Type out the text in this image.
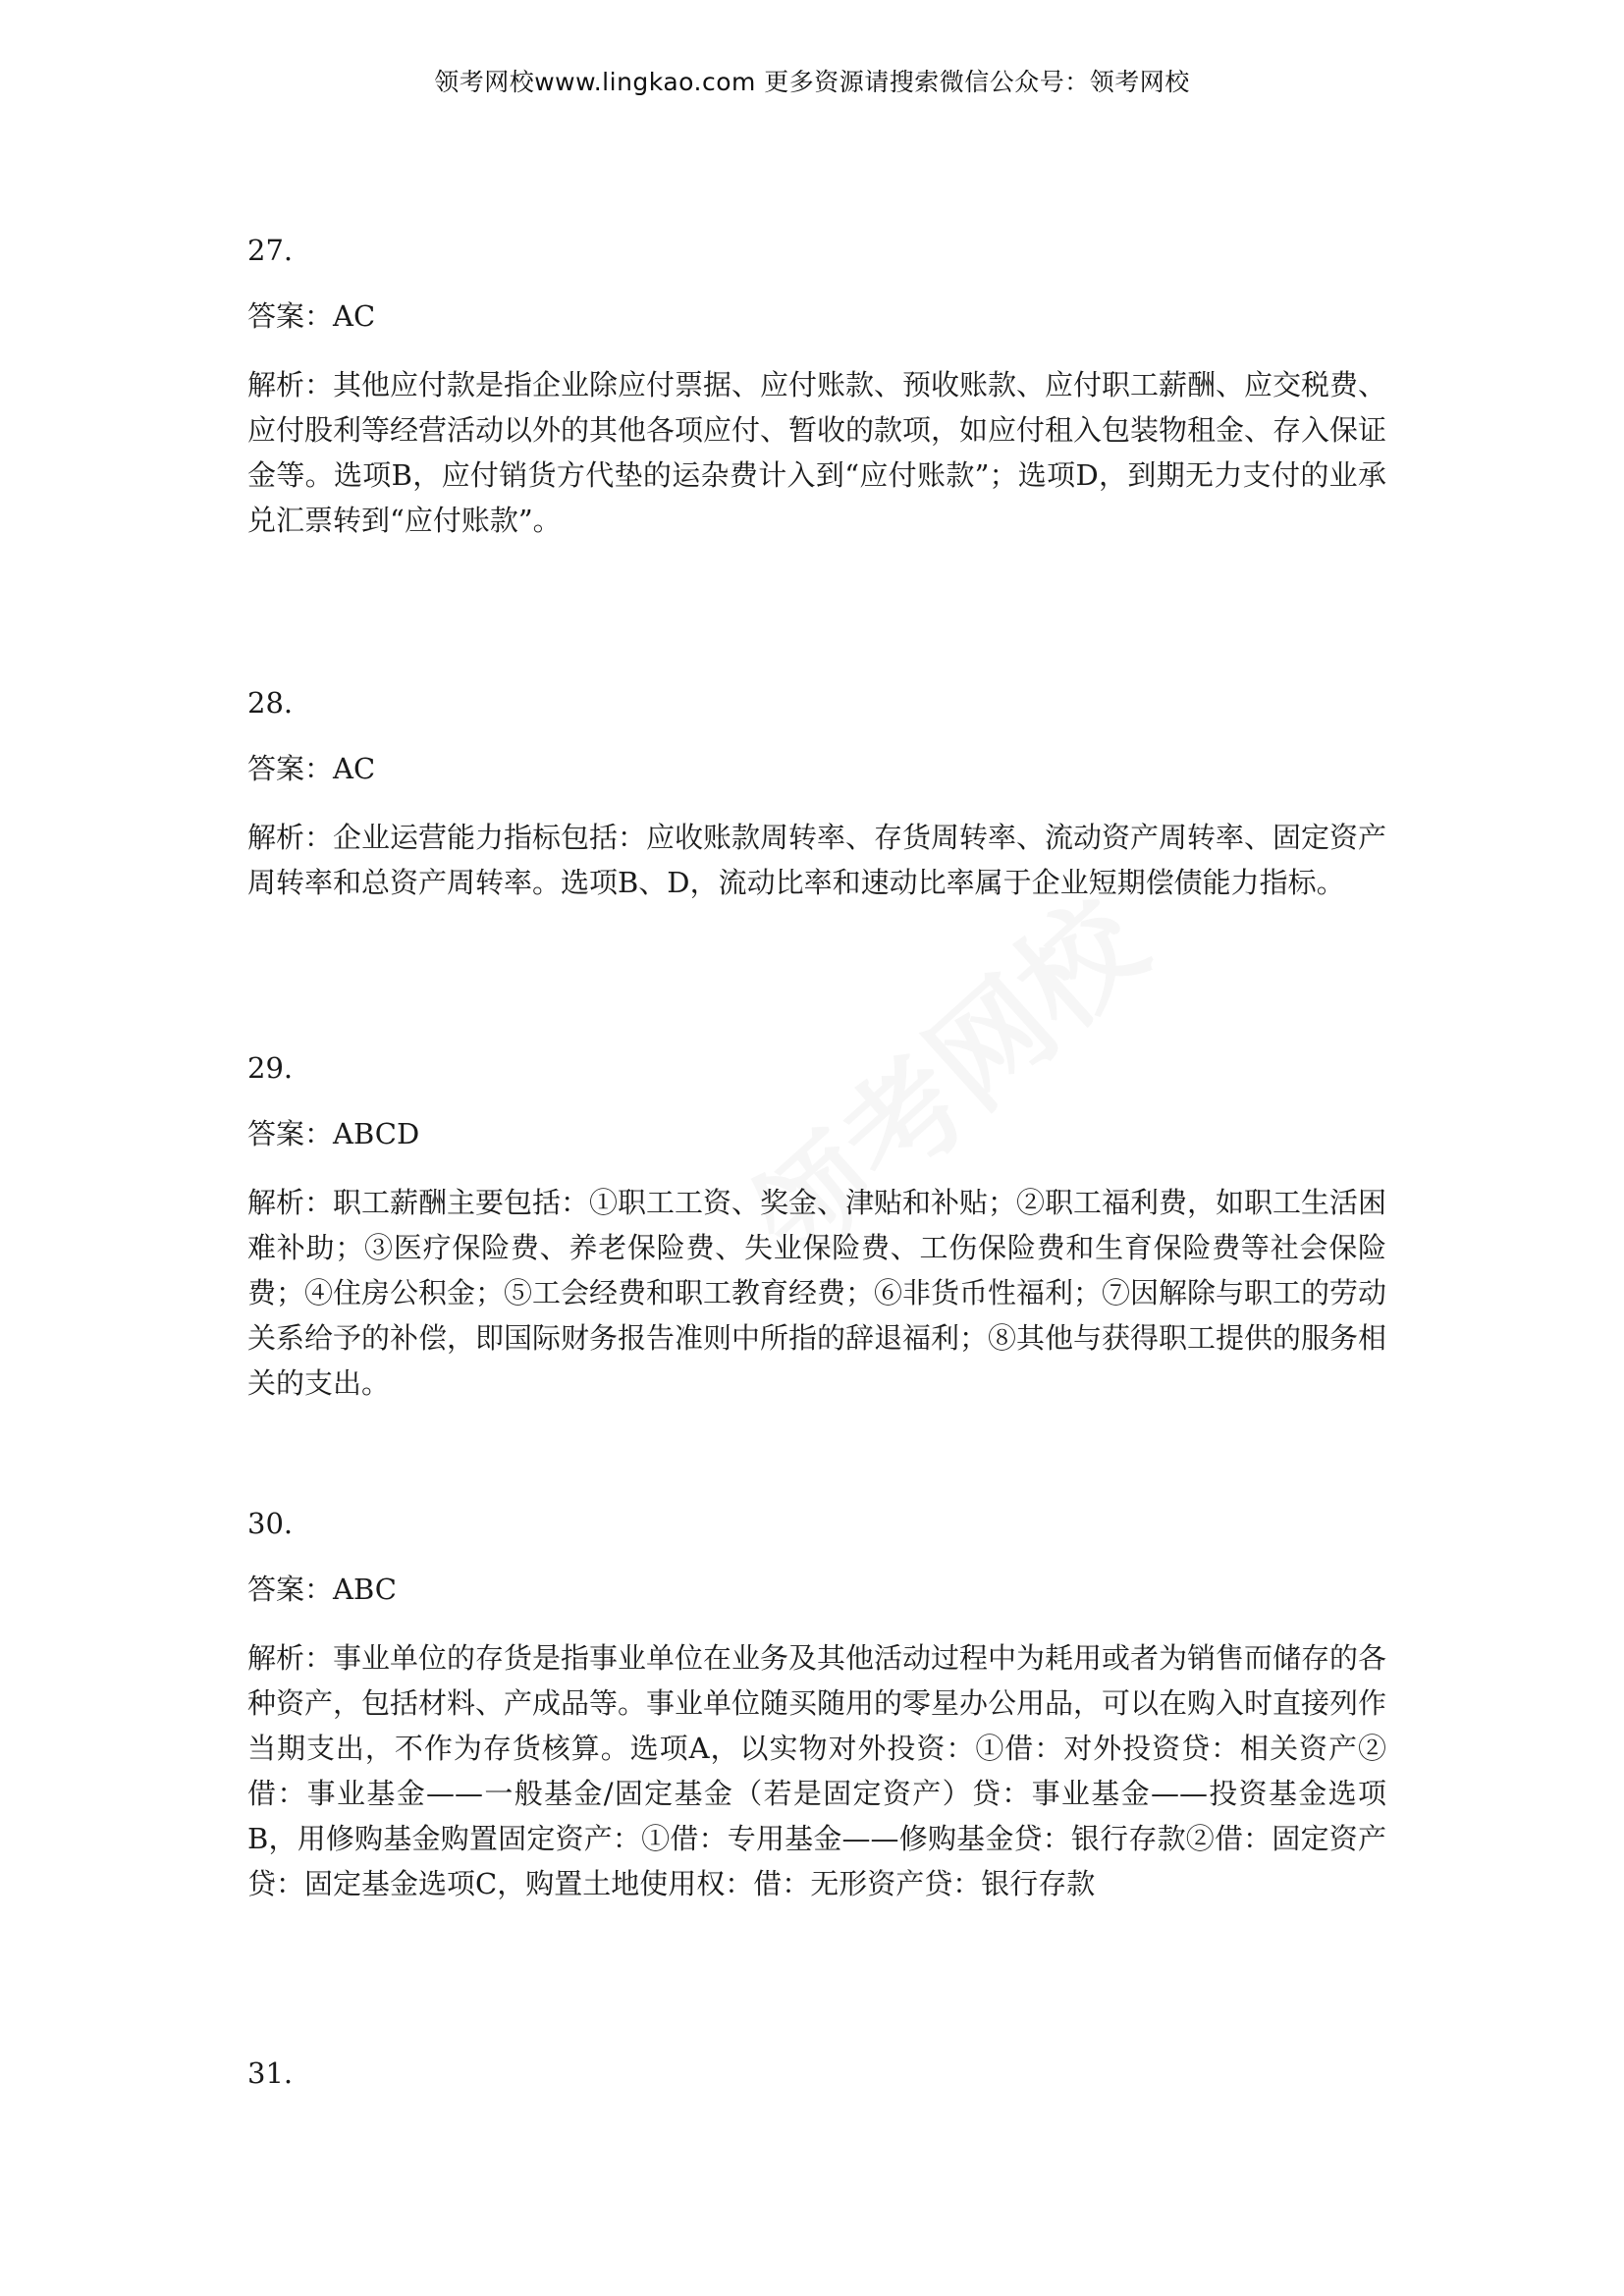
领考网校www.lingkao.com 更多资源请搜索微信公众号：领考网校

27.

答案：AC

解析：其他应付款是指企业除应付票据、应付账款、预收账款、应付职工薪酬、应交税费、应付股利等经营活动以外的其他各项应付、暂收的款项，如应付租入包装物租金、存入保证金等。选项B，应付销货方代垫的运杂费计入到“应付账款”；选项D，到期无力支付的业承兑汇票转到“应付账款”。

28.

答案：AC

解析：企业运营能力指标包括：应收账款周转率、存货周转率、流动资产周转率、固定资产周转率和总资产周转率。选项B、D，流动比率和速动比率属于企业短期偿债能力指标。

29.

答案：ABCD

解析：职工薪酬主要包括：①职工工资、奖金、津贴和补贴；②职工福利费，如职工生活困难补助；③医疗保险费、养老保险费、失业保险费、工伤保险费和生育保险费等社会保险费；④住房公积金；⑤工会经费和职工教育经费；⑥非货币性福利；⑦因解除与职工的劳动关系给予的补偿，即国际财务报告准则中所指的辞退福利；⑧其他与获得职工提供的服务相关的支出。

30.

答案：ABC

解析：事业单位的存货是指事业单位在业务及其他活动过程中为耗用或者为销售而储存的各种资产，包括材料、产成品等。事业单位随买随用的零星办公用品，可以在购入时直接列作当期支出，不作为存货核算。选项A，以实物对外投资：①借：对外投资贷：相关资产②借：事业基金——一般基金/固定基金（若是固定资产）贷：事业基金——投资基金选项B，用修购基金购置固定资产：①借：专用基金——修购基金贷：银行存款②借：固定资产贷：固定基金选项C，购置土地使用权：借：无形资产贷：银行存款

31.
